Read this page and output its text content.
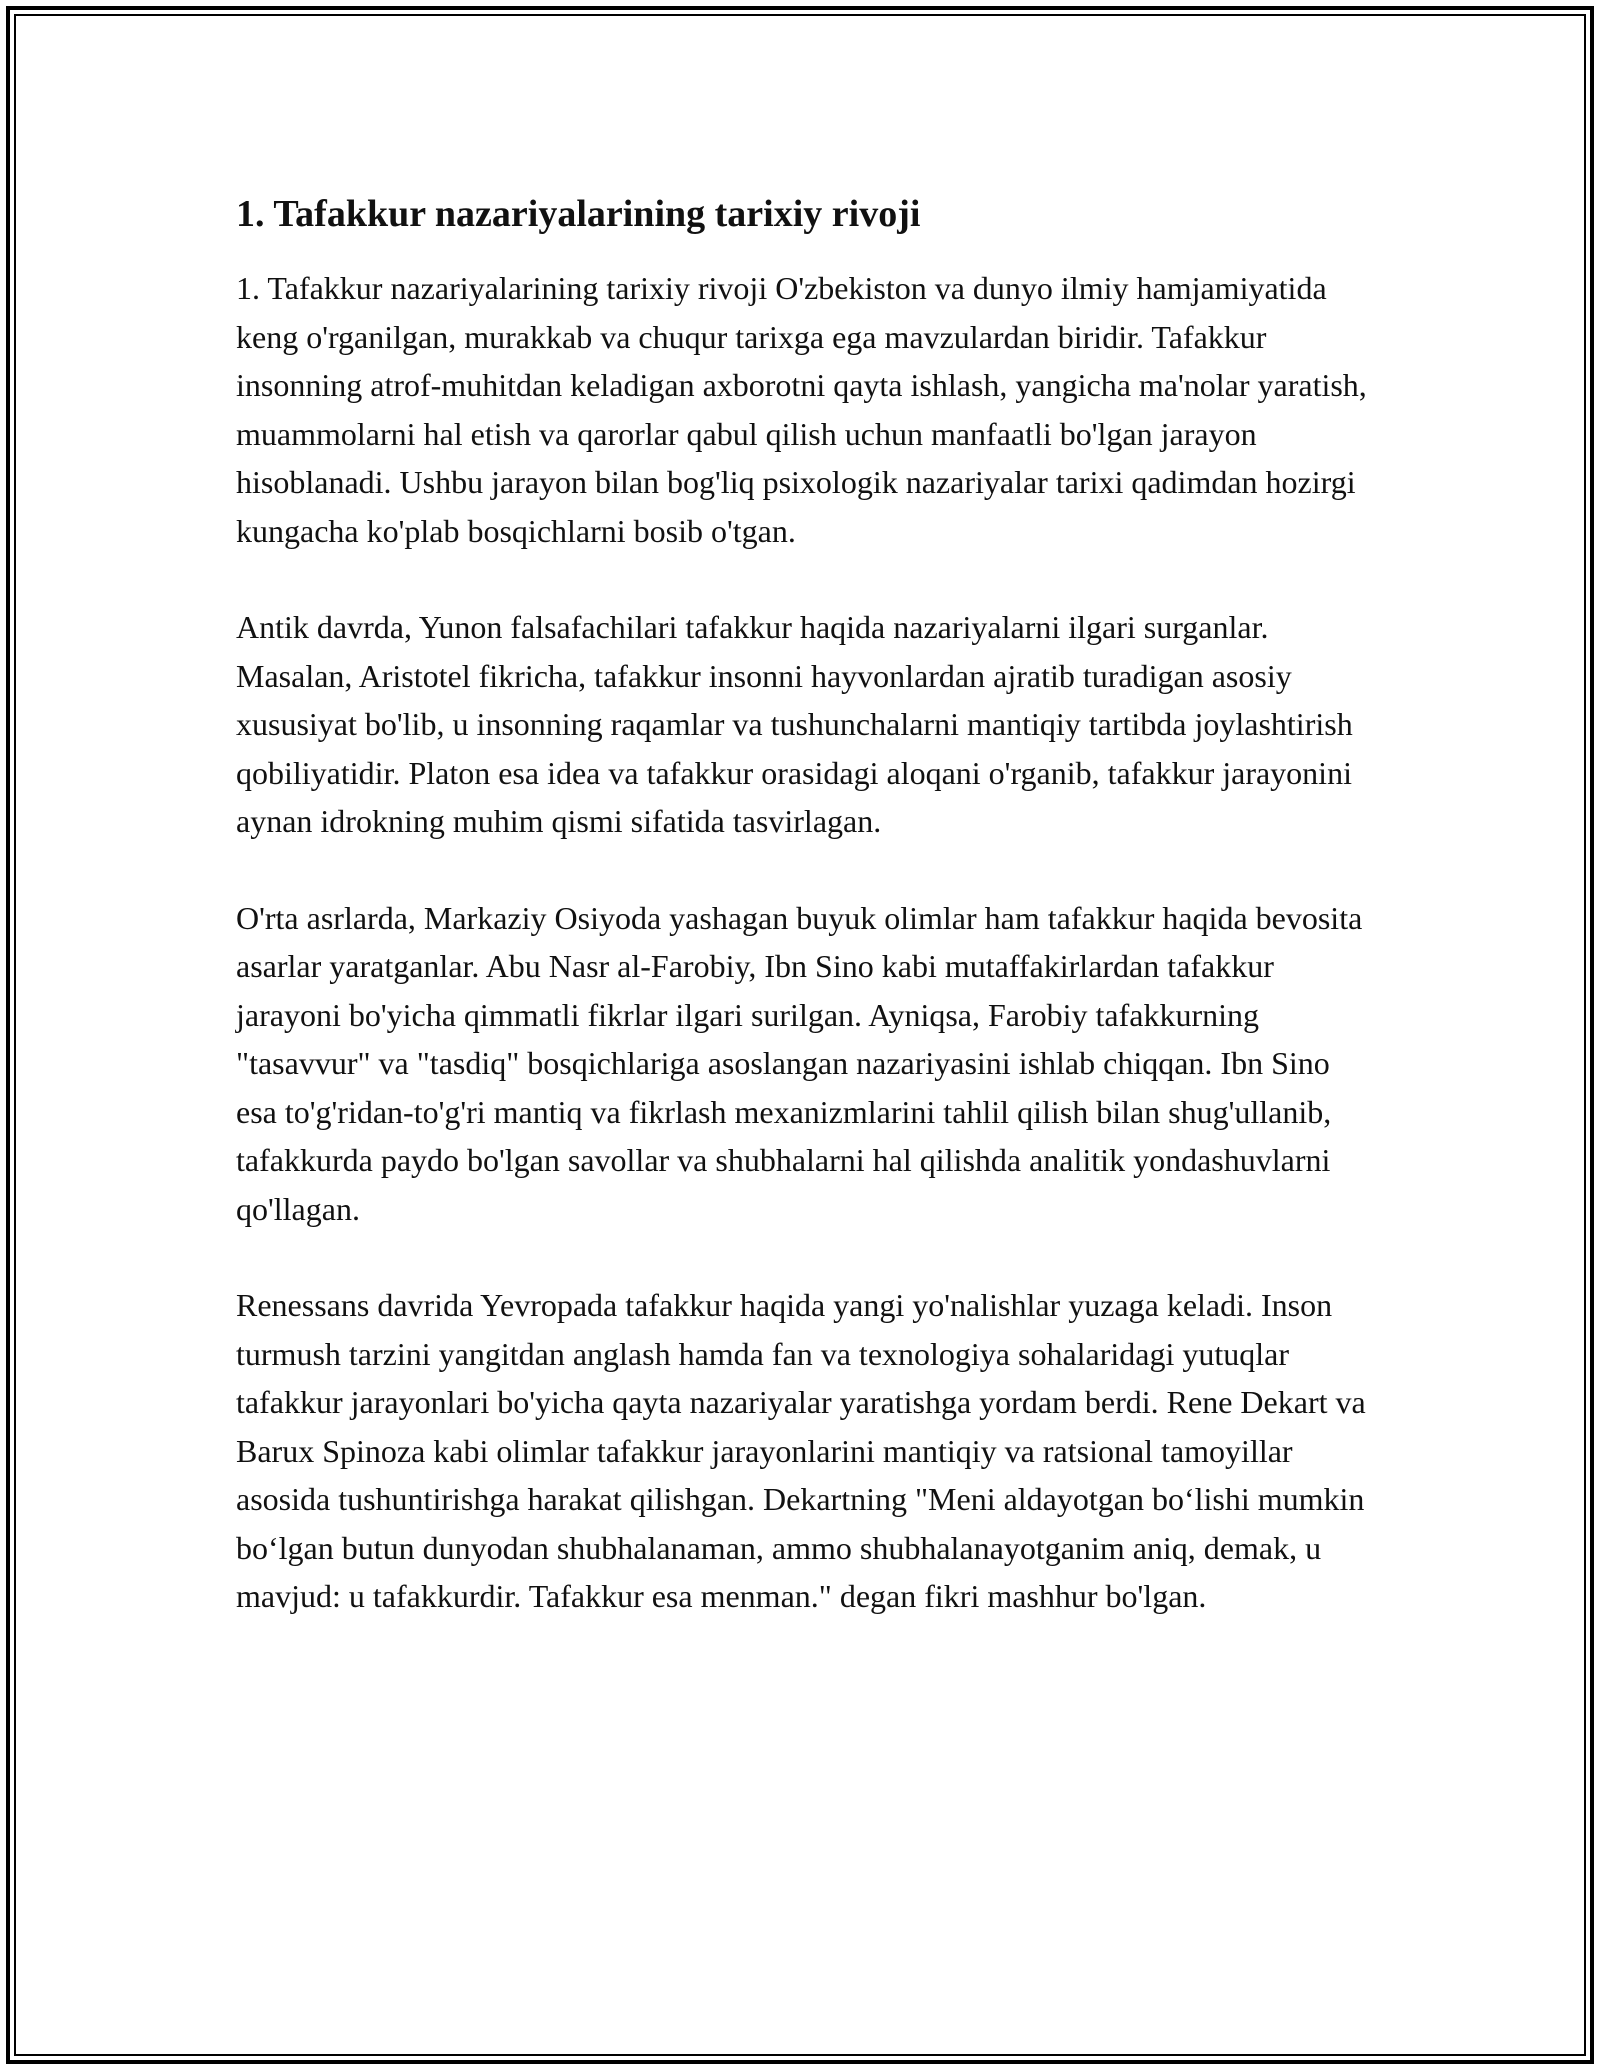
1. Tafakkur nazariyalarining tarixiy rivoji

1. Tafakkur nazariyalarining tarixiy rivoji O'zbekiston va dunyo ilmiy hamjamiyatida keng o'rganilgan, murakkab va chuqur tarixga ega mavzulardan biridir. Tafakkur insonning atrof-muhitdan keladigan axborotni qayta ishlash, yangicha ma'nolar yaratish, muammolarni hal etish va qarorlar qabul qilish uchun manfaatli bo'lgan jarayon hisoblanadi. Ushbu jarayon bilan bog'liq psixologik nazariyalar tarixi qadimdan hozirgi kungacha ko'plab bosqichlarni bosib o'tgan.

Antik davrda, Yunon falsafachilari tafakkur haqida nazariyalarni ilgari surganlar. Masalan, Aristotel fikricha, tafakkur insonni hayvonlardan ajratib turadigan asosiy xususiyat bo'lib, u insonning raqamlar va tushunchalarni mantiqiy tartibda joylashtirish qobiliyatidir. Platon esa idea va tafakkur orasidagi aloqani o'rganib, tafakkur jarayonini aynan idrokning muhim qismi sifatida tasvirlagan.

O'rta asrlarda, Markaziy Osiyoda yashagan buyuk olimlar ham tafakkur haqida bevosita asarlar yaratganlar. Abu Nasr al-Farobiy, Ibn Sino kabi mutaffakirlardan tafakkur jarayoni bo'yicha qimmatli fikrlar ilgari surilgan. Ayniqsa, Farobiy tafakkurning "tasavvur" va "tasdiq" bosqichlariga asoslangan nazariyasini ishlab chiqqan. Ibn Sino esa to'g'ridan-to'g'ri mantiq va fikrlash mexanizmlarini tahlil qilish bilan shug'ullanib, tafakkurda paydo bo'lgan savollar va shubhalarni hal qilishda analitik yondashuvlarni qo'llagan.

Renessans davrida Yevropada tafakkur haqida yangi yo'nalishlar yuzaga keladi. Inson turmush tarzini yangitdan anglash hamda fan va texnologiya sohalaridagi yutuqlar tafakkur jarayonlari bo'yicha qayta nazariyalar yaratishga yordam berdi. Rene Dekart va Barux Spinoza kabi olimlar tafakkur jarayonlarini mantiqiy va ratsional tamoyillar asosida tushuntirishga harakat qilishgan. Dekartning "Meni aldayotgan bo‘lishi mumkin bo‘lgan butun dunyodan shubhalanaman, ammo shubhalanayotganim aniq, demak, u mavjud: u tafakkurdir. Tafakkur esa menman." degan fikri mashhur bo'lgan.
